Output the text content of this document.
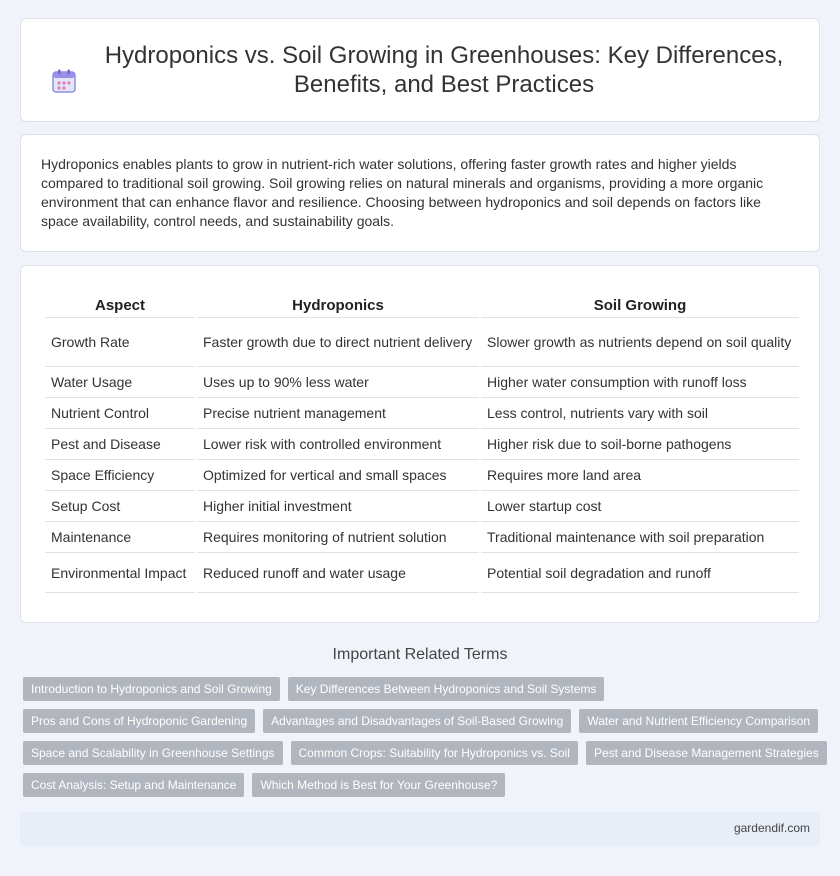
Hydroponics vs. Soil Growing in Greenhouses: Key Differences, Benefits, and Best Practices

Hydroponics enables plants to grow in nutrient-rich water solutions, offering faster growth rates and higher yields compared to traditional soil growing. Soil growing relies on natural minerals and organisms, providing a more organic environment that can enhance flavor and resilience. Choosing between hydroponics and soil depends on factors like space availability, control needs, and sustainability goals.

Aspect	Hydroponics	Soil Growing
Growth Rate	Faster growth due to direct nutrient delivery	Slower growth as nutrients depend on soil quality
Water Usage	Uses up to 90% less water	Higher water consumption with runoff loss
Nutrient Control	Precise nutrient management	Less control, nutrients vary with soil
Pest and Disease	Lower risk with controlled environment	Higher risk due to soil-borne pathogens
Space Efficiency	Optimized for vertical and small spaces	Requires more land area
Setup Cost	Higher initial investment	Lower startup cost
Maintenance	Requires monitoring of nutrient solution	Traditional maintenance with soil preparation
Environmental Impact	Reduced runoff and water usage	Potential soil degradation and runoff
Important Related Terms
Introduction to Hydroponics and Soil Growing	Key Differences Between Hydroponics and Soil Systems
Pros and Cons of Hydroponic Gardening	Advantages and Disadvantages of Soil-Based Growing	Water and Nutrient Efficiency Comparison
Space and Scalability in Greenhouse Settings	Common Crops: Suitability for Hydroponics vs. Soil	Pest and Disease Management Strategies
Cost Analysis: Setup and Maintenance	Which Method is Best for Your Greenhouse?
gardendif.com
